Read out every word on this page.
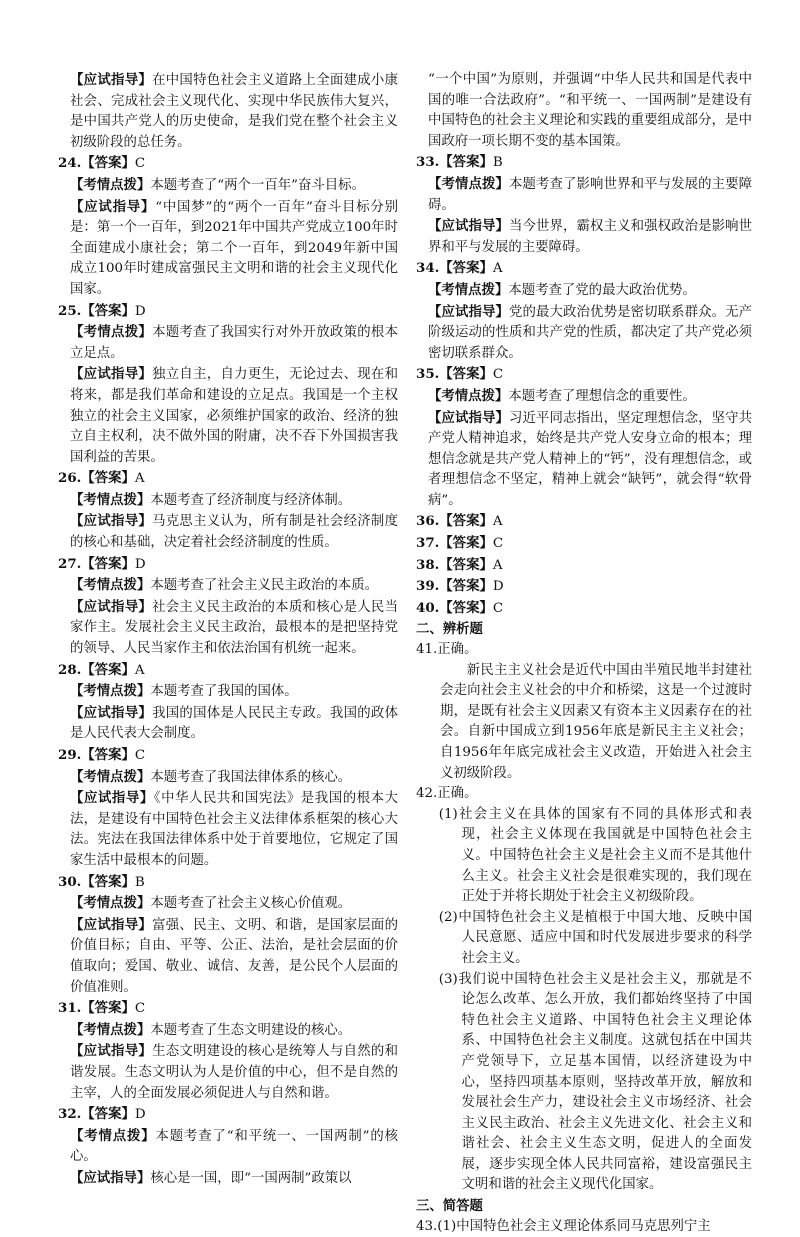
【应试指导】在中国特色社会主义道路上全面建成小康社会、完成社会主义现代化、实现中华民族伟大复兴，是中国共产党人的历史使命，是我们党在整个社会主义初级阶段的总任务。

24.【答案】C

【考情点拨】本题考查了“两个一百年”奋斗目标。

【应试指导】“中国梦”的“两个一百年”奋斗目标分别是：第一个一百年，到2021年中国共产党成立100年时全面建成小康社会；第二个一百年，到2049年新中国成立100年时建成富强民主文明和谐的社会主义现代化国家。

25.【答案】D

【考情点拨】本题考查了我国实行对外开放政策的根本立足点。

【应试指导】独立自主，自力更生，无论过去、现在和将来，都是我们革命和建设的立足点。我国是一个主权独立的社会主义国家，必须维护国家的政治、经济的独立自主权利，决不做外国的附庸，决不吞下外国损害我国利益的苦果。

26.【答案】A

【考情点拨】本题考查了经济制度与经济体制。

【应试指导】马克思主义认为，所有制是社会经济制度的核心和基础，决定着社会经济制度的性质。

27.【答案】D

【考情点拨】本题考查了社会主义民主政治的本质。

【应试指导】社会主义民主政治的本质和核心是人民当家作主。发展社会主义民主政治，最根本的是把坚持党的领导、人民当家作主和依法治国有机统一起来。

28.【答案】A

【考情点拨】本题考查了我国的国体。

【应试指导】我国的国体是人民民主专政。我国的政体是人民代表大会制度。

29.【答案】C

【考情点拨】本题考查了我国法律体系的核心。

【应试指导】《中华人民共和国宪法》是我国的根本大法，是建设有中国特色社会主义法律体系框架的核心大法。宪法在我国法律体系中处于首要地位，它规定了国家生活中最根本的问题。

30.【答案】B

【考情点拨】本题考查了社会主义核心价值观。

【应试指导】富强、民主、文明、和谐，是国家层面的价值目标；自由、平等、公正、法治，是社会层面的价值取向；爱国、敬业、诚信、友善，是公民个人层面的价值准则。

31.【答案】C

【考情点拨】本题考查了生态文明建设的核心。

【应试指导】生态文明建设的核心是统筹人与自然的和谐发展。生态文明认为人是价值的中心，但不是自然的主宰，人的全面发展必须促进人与自然和谐。

32.【答案】D

【考情点拨】本题考查了“和平统一、一国两制”的核心。

【应试指导】核心是一国，即“一国两制”政策以

“一个中国”为原则，并强调“中华人民共和国是代表中国的唯一合法政府”。“和平统一、一国两制”是建设有中国特色的社会主义理论和实践的重要组成部分，是中国政府一项长期不变的基本国策。

33.【答案】B

【考情点拨】本题考查了影响世界和平与发展的主要障碍。

【应试指导】当今世界，霸权主义和强权政治是影响世界和平与发展的主要障碍。

34.【答案】A

【考情点拨】本题考查了党的最大政治优势。

【应试指导】党的最大政治优势是密切联系群众。无产阶级运动的性质和共产党的性质，都决定了共产党必须密切联系群众。

35.【答案】C

【考情点拨】本题考查了理想信念的重要性。

【应试指导】习近平同志指出，坚定理想信念，坚守共产党人精神追求，始终是共产党人安身立命的根本；理想信念就是共产党人精神上的“钙”，没有理想信念，或者理想信念不坚定，精神上就会“缺钙”，就会得“软骨病”。

36.【答案】A

37.【答案】C

38.【答案】A

39.【答案】D

40.【答案】C

二、辨析题

41.正确。

新民主主义社会是近代中国由半殖民地半封建社会走向社会主义社会的中介和桥梁，这是一个过渡时期，是既有社会主义因素又有资本主义因素存在的社会。自新中国成立到1956年底是新民主主义社会；自1956年年底完成社会主义改造，开始进入社会主义初级阶段。

42.正确。

(1)社会主义在具体的国家有不同的具体形式和表现，社会主义体现在我国就是中国特色社会主义。中国特色社会主义是社会主义而不是其他什么主义。社会主义社会是很难实现的，我们现在正处于并将长期处于社会主义初级阶段。

(2)中国特色社会主义是植根于中国大地、反映中国人民意愿、适应中国和时代发展进步要求的科学社会主义。

(3)我们说中国特色社会主义是社会主义，那就是不论怎么改革、怎么开放，我们都始终坚持了中国特色社会主义道路、中国特色社会主义理论体系、中国特色社会主义制度。这就包括在中国共产党领导下，立足基本国情，以经济建设为中心，坚持四项基本原则，坚持改革开放，解放和发展社会生产力，建设社会主义市场经济、社会主义民主政治、社会主义先进文化、社会主义和谐社会、社会主义生态文明，促进人的全面发展，逐步实现全体人民共同富裕，建设富强民主文明和谐的社会主义现代化国家。

三、简答题

43.(1)中国特色社会主义理论体系同马克思列宁主
